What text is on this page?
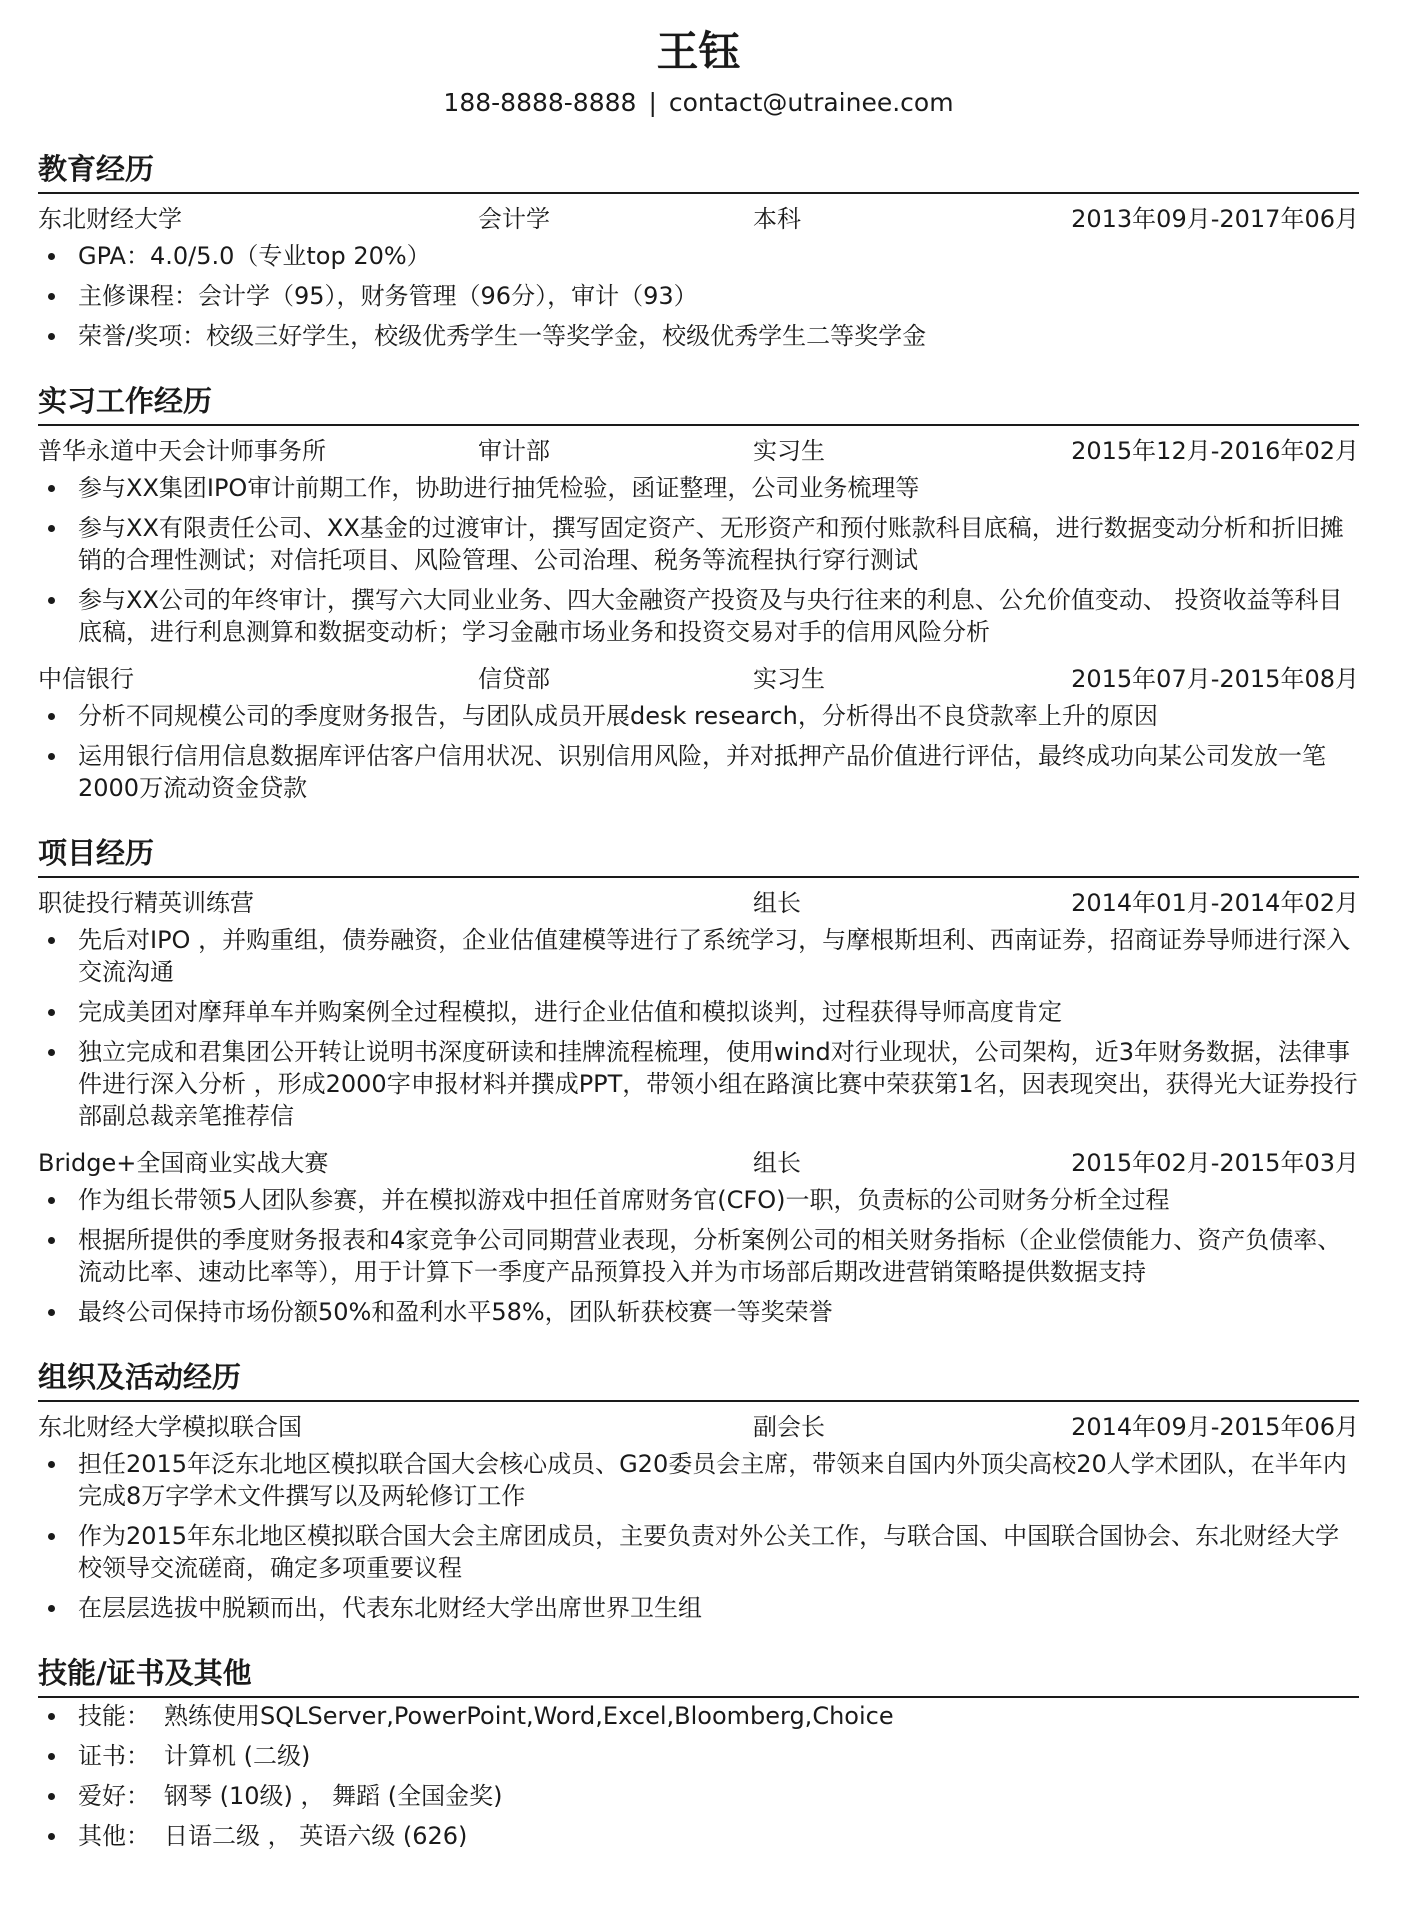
王钰
188-8888-8888 | contact@utrainee.com
教育经历
东北财经大学	会计学	本科	2013年09月-2017年06月
GPA：4.0/5.0（专业top 20%）
主修课程：会计学（95），财务管理（96分），审计（93）
荣誉/奖项：校级三好学生，校级优秀学生一等奖学金，校级优秀学生二等奖学金
实习工作经历
普华永道中天会计师事务所	审计部	实习生	2015年12月-2016年02月
参与XX集团IPO审计前期工作，协助进行抽凭检验，函证整理，公司业务梳理等
参与XX有限责任公司、XX基金的过渡审计，撰写固定资产、无形资产和预付账款科目底稿，进行数据变动分析和折旧摊销的合理性测试；对信托项目、风险管理、公司治理、税务等流程执行穿行测试
参与XX公司的年终审计，撰写六大同业业务、四大金融资产投资及与央行往来的利息、公允价值变动、 投资收益等科目底稿，进行利息测算和数据变动析；学习金融市场业务和投资交易对手的信用风险分析
中信银行	信贷部	实习生	2015年07月-2015年08月
分析不同规模公司的季度财务报告，与团队成员开展desk research，分析得出不良贷款率上升的原因
运用银行信用信息数据库评估客户信用状况、识别信用风险，并对抵押产品价值进行评估，最终成功向某公司发放一笔2000万流动资金贷款
项目经历
职徒投行精英训练营	组长	2014年01月-2014年02月
先后对IPO ，并购重组，债券融资，企业估值建模等进行了系统学习，与摩根斯坦利、西南证券，招商证券导师进行深入交流沟通
完成美团对摩拜单车并购案例全过程模拟，进行企业估值和模拟谈判，过程获得导师高度肯定
独立完成和君集团公开转让说明书深度研读和挂牌流程梳理，使用wind对行业现状，公司架构，近3年财务数据，法律事件进行深入分析 ，形成2000字申报材料并撰成PPT，带领小组在路演比赛中荣获第1名，因表现突出，获得光大证券投行部副总裁亲笔推荐信
Bridge+全国商业实战大赛	组长	2015年02月-2015年03月
作为组长带领5人团队参赛，并在模拟游戏中担任首席财务官(CFO)一职，负责标的公司财务分析全过程
根据所提供的季度财务报表和4家竞争公司同期营业表现，分析案例公司的相关财务指标（企业偿债能力、资产负债率、流动比率、速动比率等），用于计算下一季度产品预算投入并为市场部后期改进营销策略提供数据支持
最终公司保持市场份额50%和盈利水平58%，团队斩获校赛一等奖荣誉
组织及活动经历
东北财经大学模拟联合国	副会长	2014年09月-2015年06月
担任2015年泛东北地区模拟联合国大会核心成员、G20委员会主席，带领来自国内外顶尖高校20人学术团队，在半年内完成8万字学术文件撰写以及两轮修订工作
作为2015年东北地区模拟联合国大会主席团成员，主要负责对外公关工作，与联合国、中国联合国协会、东北财经大学校领导交流磋商，确定多项重要议程
在层层选拔中脱颖而出，代表东北财经大学出席世界卫生组
技能/证书及其他
技能： 熟练使用SQLServer,PowerPoint,Word,Excel,Bloomberg,Choice
证书： 计算机 (二级)
爱好： 钢琴 (10级) ， 舞蹈 (全国金奖)
其他： 日语二级 ， 英语六级 (626)
